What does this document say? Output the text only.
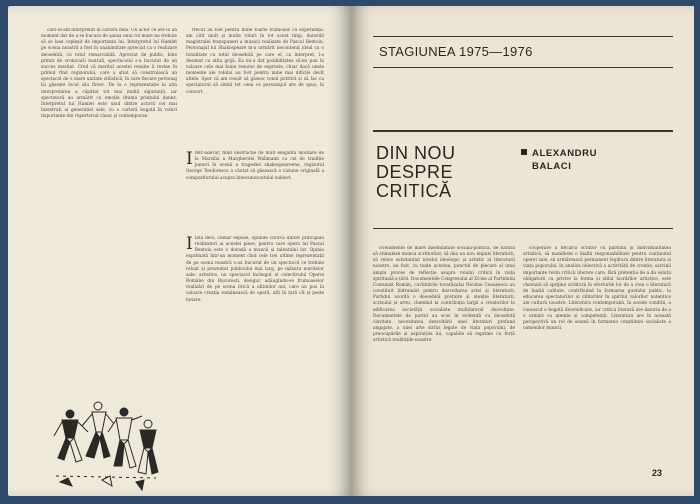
care le-am interpretat în cariera mea. Un actor ce are la un moment dat de a se bucura de șansa unui rol mare nu trebuie să se lase copleșit de importanța lui. Interpretul lui Hamlet pe scena noastră a fost în unanimitate apreciat ca o realizare deosebită, cu totul remarcabilă. Apreciat de public, bine primit de cronicarii teatrali, spectacolul s-a bucurat de un succes meritat. Cred că meritul acestei reușite îi revine în primul rînd regizorului, care a știut să construiască un spectacol de o mare unitate stilistică, în care fiecare personaj își găsește locul său firesc. De la o reprezentație la alta interpretarea a căpătat tot mai multă siguranță, iar spectatorii au urmărit cu emoție drama prințului danez. Interpretul lui Hamlet este unul dintre actorii cei mai înzestrați ai generației sale, cu o carieră bogată în roluri importante din repertoriul clasic și contemporan.

trecut au fost pentru mine foarte frumoase ca experiență: am citit mult și multe roluri în tot acest timp, datorită magistralei transpuneri a muzicii realizate de Pascal Bentoiu. Personajul lui Shakespeare m-a urmărit neconteniț ideal cu o tonalitate cu totul deosebită pe care el, ca interpret, l-a desenat cu atîta grijă. Ea mi-a dat posibilitatea să-mi pun în valoare cele mai bune resurse de expresie, chiar dacă unele momente ale rolului au fost pentru mine mai dificile decît altele. Sper că am reușit să găsesc tonul potrivit și să fac ca spectatorul să simtă tot ceea ce personajul are de spus, în concert.

I Intr-adevăr, fiind obstrucție de mult eleganta montare de la Marsilia a Margheritei Wallmann cu cei de tradiție puneri în scenă a tragediei shakespeareene, regizorul George Teodorescu a căutat să găsească o viziune originală a compozitorului asupra binecunoscutului subiect.
I Iată deci, cumar expuse, opiniile cîtorva dintre principalii realizatori ai acestei piese, pentru care opera lui Pascal Bentoiu este o dovadă a muncii și talentului lor. Opinia exprimată într-un moment cînd cele trei ultime reprezentații de pe scena noastră s-au bucurat de un spectacol ce trebuie reluat și prezentat publicului mai larg, pe măsura meritelor sale: artistice, un spectacol închegat al colectivului Operei Române din București, desigur, adăugîndu-se frumoaselor realizări de pe scena lirică a ultimilor ani, care au pus în valoare creația românească de operă, atît în țară cît și peste hotare.
STAGIUNEA 1975—1976
DIN NOU
DESPRE
CRITICĂ
ALEXANDRU
BALACI

Evenimente de mare însemnătate socială-politică, de natură să stimuleze munca scriitorilor, să dea un nou impuls literaturii, să relice substanțial nivelul ideologic și artistic al literaturii noastre, au fost, cu toate acestea, punctul de plecare al unui amplu proces de reflecție asupra rolului criticii în viața spirituală a țării. Documentele Congresului al XI-lea al Partidului Comunist Român, cuvîntările tovarășului Nicolae Ceaușescu au constituit îndrumări pentru dezvoltarea artei și literaturii, Partidul acordă o deosebită prețuire și atenție literaturii, scrisului și artei, chemînd la contribuția largă a creatorilor la edificarea societății socialiste multilateral dezvoltate. Documentele de partid au scos în evidență cu deosebită claritate, necesitatea dezvoltării unei literaturi profund angajate, a unei arte strîns legate de viața poporului, de preocupările și aspirațiile lui, capabile să exprime cu forță artistică realitățile noastre.

cooperare a fiecărui scriitor cu partidul și individualitatea artistică, să manifeste o înaltă responsabilitate pentru conținutul operei sale, să urmărească permanent legătura dintre literatura și viața poporului. In analiza obiectivă a activității de creație, sarcinii importante revin criticii literare care, fără pretenția de a da soluții obligatorii cu privire la forma și stilul lucrărilor artistice, este chemată să sprijine scriitorii în eforturile lor de a crea o literatură de înaltă calitate, contribuind la formarea gustului public, la educarea spectatorilor și cititorilor în spiritul valorilor autentice ale culturii noastre. Literatura contemporană, în aceste condiții, a cunoscut o bogată diversificare, iar critica literară are datoria de a o urmări cu atenție și competență. Literatura are în această perspectivă un rol de seamă în formarea conștiinței socialiste a oamenilor muncii.

23
